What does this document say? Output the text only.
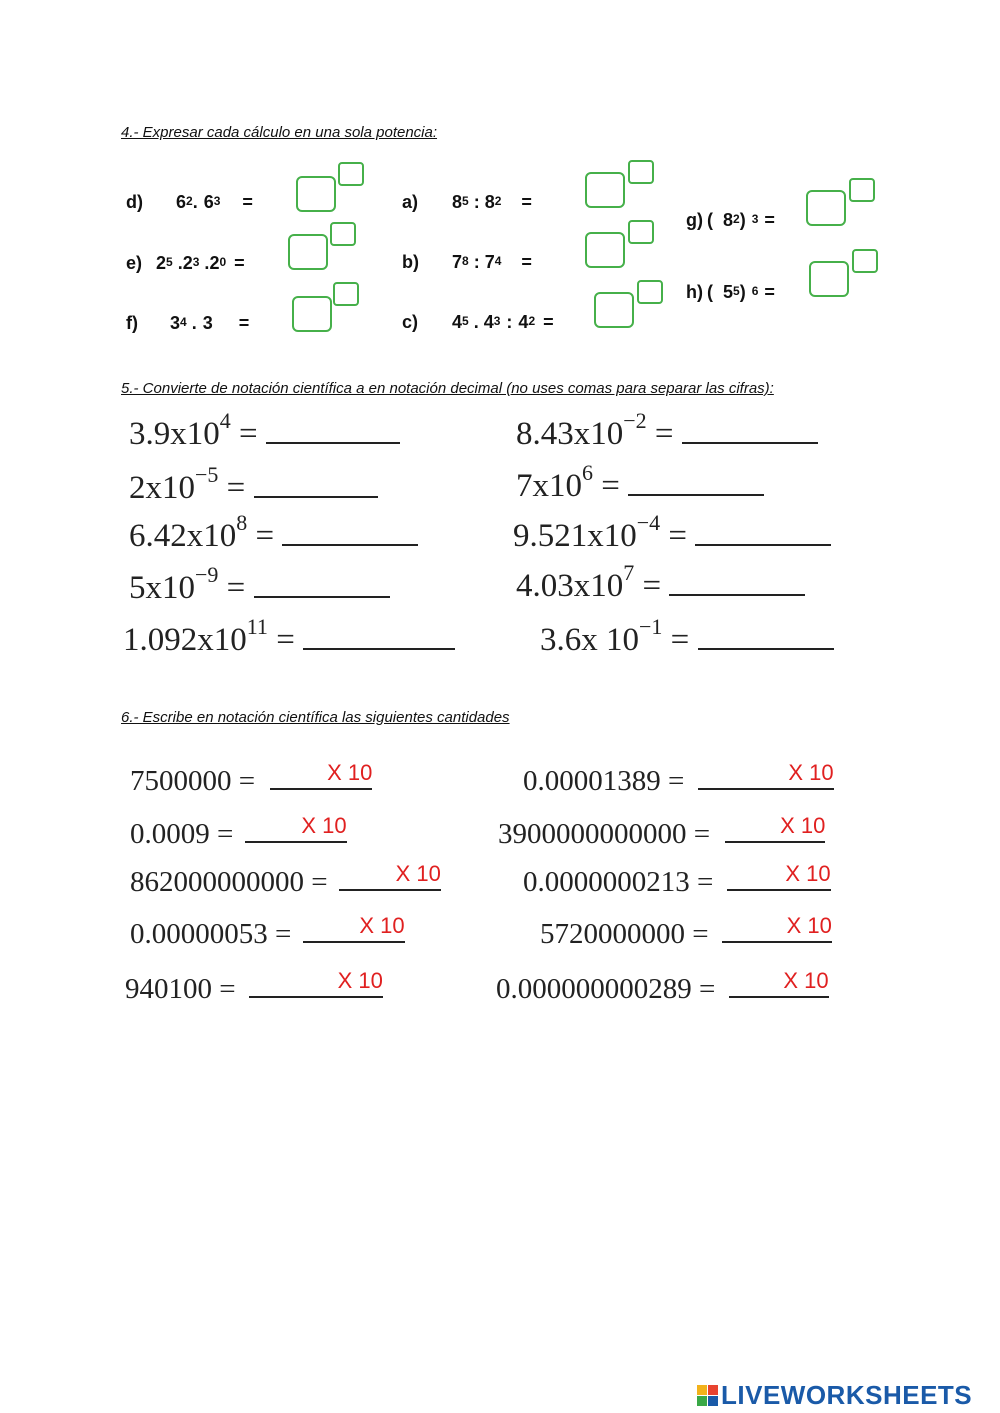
4.- Expresar cada cálculo en una sola potencia:
d)	$6^2$ . $6^3$ =
e) $2^5$ . $2^3$ . $2^0$ =
f)	$3^4$ . 3 =
a)	$8^5$ : $8^2$ =
b)	$7^8$ : $7^4$ =
c)	$4^5$ . $4^3$ : $4^2$ =
g) ( $8^2$ ) $^3$ =
h) ( $5^5$ ) $^6$ =
5.- Convierte de notación científica a en notación decimal (no uses comas para separar las cifras):
$3.9x10^4$ =	$8.43x10^{-2}$ =
$2x10^{-5}$ =	$7x10^6$ =
$6.42x10^8$ =	$9.521x10^{-4}$ =
$5x10^{-9}$ =	$4.03x10^7$ =
$1.092x10^{11}$ =	3.6x $10^{-1}$ =
6.- Escribe en notación científica las siguientes cantidades
7500000 =	X 10	0.00001389 =	X 10
0.0009 =	X 10	3900000000000 =	X 10
862000000000 =	X 10	0.0000000213 =	X 10
0.00000053 =	X 10	5720000000 =	X 10
940100 =	X 10	0.000000000289 =	X 10
LIVEWORKSHEETS
